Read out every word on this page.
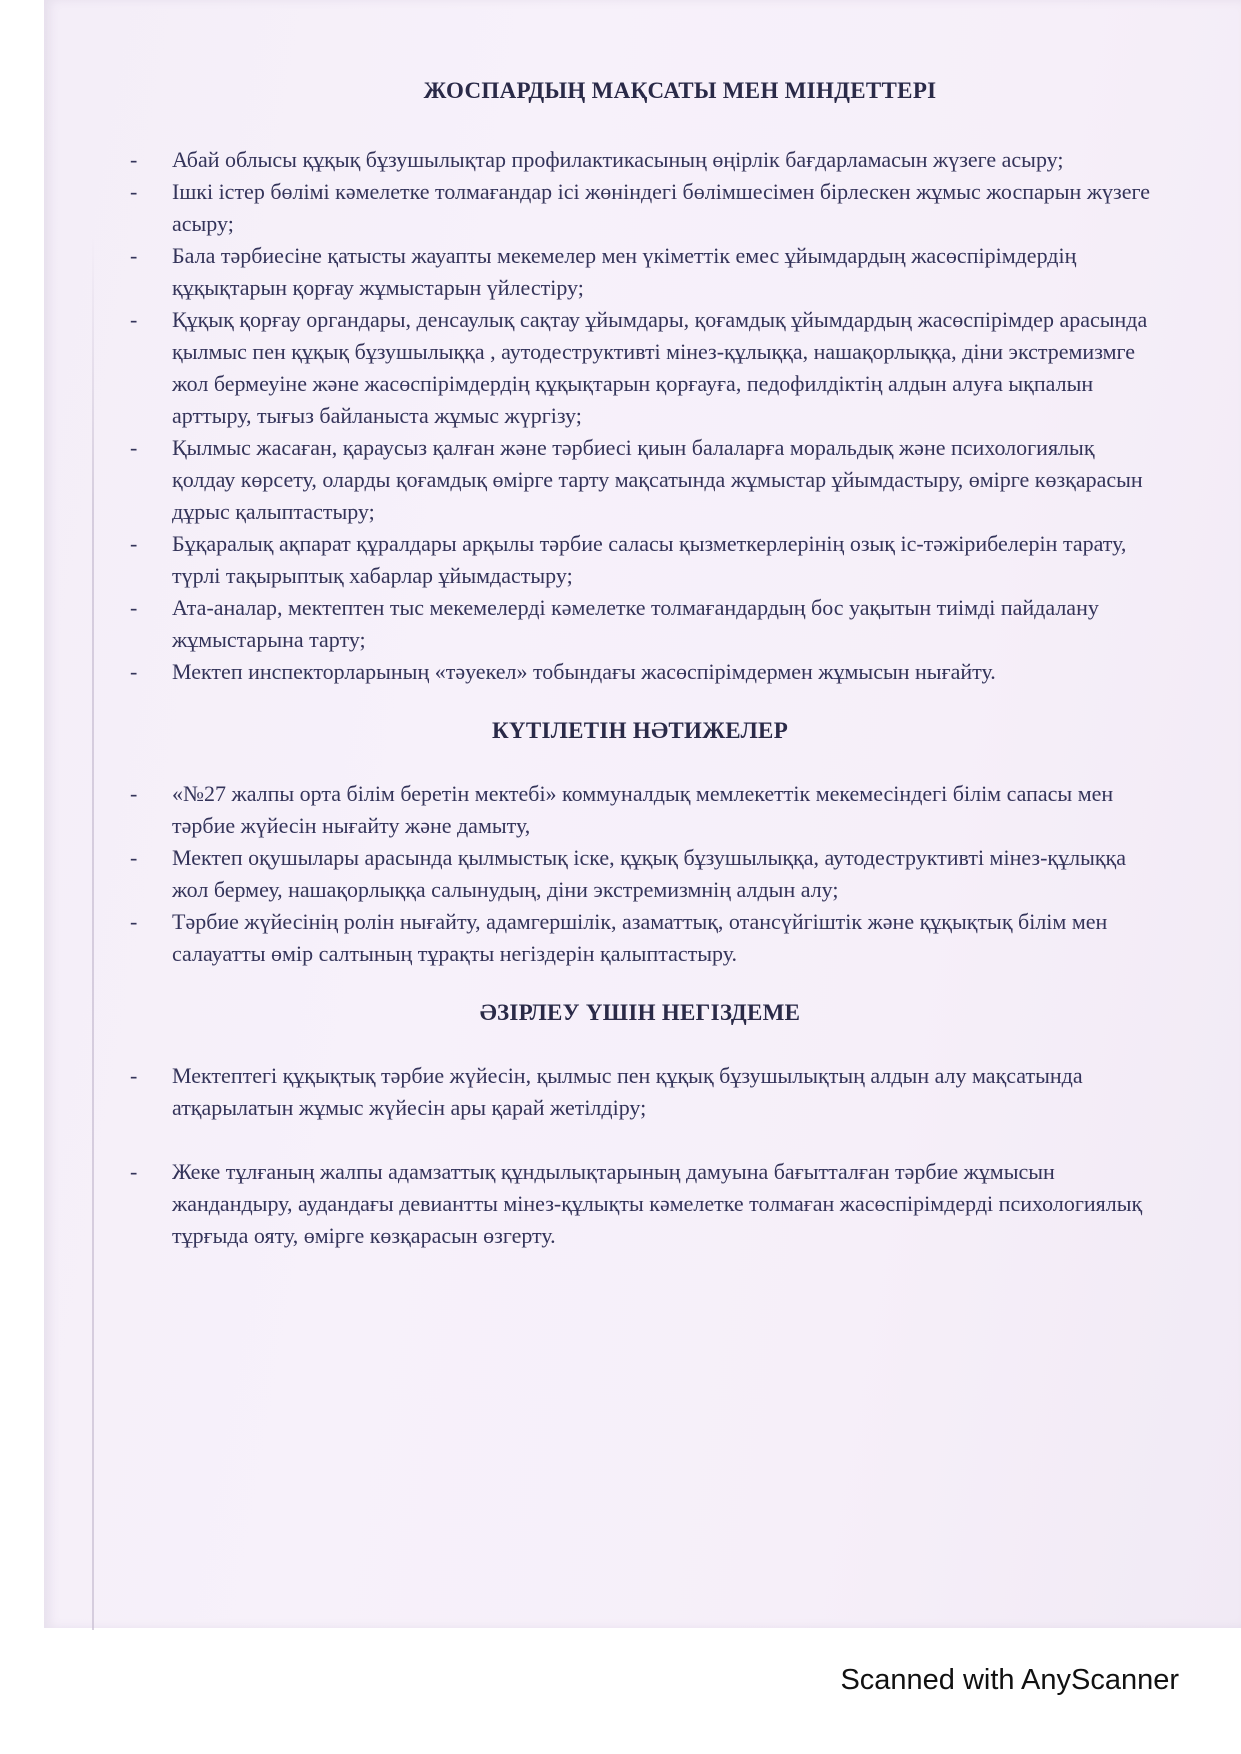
ЖОСПАРДЫҢ МАҚСАТЫ МЕН МІНДЕТТЕРІ
- Абай облысы құқық бұзушылықтар профилактикасының өңірлік бағдарламасын жүзеге асыру;
- Ішкі істер бөлімі кәмелетке толмағандар ісі жөніндегі бөлімшесімен бірлескен жұмыс жоспарын жүзеге асыру;
- Бала тәрбиесіне қатысты жауапты мекемелер мен үкіметтік емес ұйымдардың жасөспірімдердің құқықтарын қорғау жұмыстарын үйлестіру;
- Құқық қорғау органдары, денсаулық сақтау ұйымдары, қоғамдық ұйымдардың жасөспірімдер арасында қылмыс пен құқық бұзушылыққа , аутодеструктивті мінез-құлыққа, нашақорлыққа, діни экстремизмге жол бермеуіне және жасөспірімдердің құқықтарын қорғауға, педофилдіктің алдын алуға ықпалын арттыру, тығыз байланыста жұмыс жүргізу;
- Қылмыс жасаған, қараусыз қалған және тәрбиесі қиын балаларға моральдық және психологиялық қолдау көрсету, оларды қоғамдық өмірге тарту мақсатында жұмыстар ұйымдастыру, өмірге көзқарасын дұрыс қалыптастыру;
- Бұқаралық ақпарат құралдары арқылы тәрбие саласы қызметкерлерінің озық іс-тәжірибелерін тарату, түрлі тақырыптық хабарлар ұйымдастыру;
- Ата-аналар, мектептен тыс мекемелерді кәмелетке толмағандардың бос уақытын тиімді пайдалану жұмыстарына тарту;
- Мектеп инспекторларының «тәуекел» тобындағы жасөспірімдермен жұмысын нығайту.
КҮТІЛЕТІН НӘТИЖЕЛЕР
- «№27 жалпы орта білім беретін мектебі» коммуналдық мемлекеттік мекемесіндегі білім сапасы мен тәрбие жүйесін нығайту және дамыту,
- Мектеп оқушылары арасында қылмыстық іске, құқық бұзушылыққа, аутодеструктивті мінез-құлыққа жол бермеу, нашақорлыққа салынудың, діни экстремизмнің алдын алу;
- Тәрбие жүйесінің ролін нығайту, адамгершілік, азаматтық, отансүйгіштік және құқықтық білім мен салауатты өмір салтының тұрақты негіздерін қалыптастыру.
ӘЗІРЛЕУ ҮШІН НЕГІЗДЕМЕ
- Мектептегі құқықтық тәрбие жүйесін, қылмыс пен құқық бұзушылықтың алдын алу мақсатында атқарылатын жұмыс жүйесін ары қарай жетілдіру;
- Жеке тұлғаның жалпы адамзаттық құндылықтарының дамуына бағытталған тәрбие жұмысын жандандыру, аудандағы девиантты мінез-құлықты кәмелетке толмаған жасөспірімдерді психологиялық тұрғыда ояту, өмірге көзқарасын өзгерту.
Scanned with AnyScanner
